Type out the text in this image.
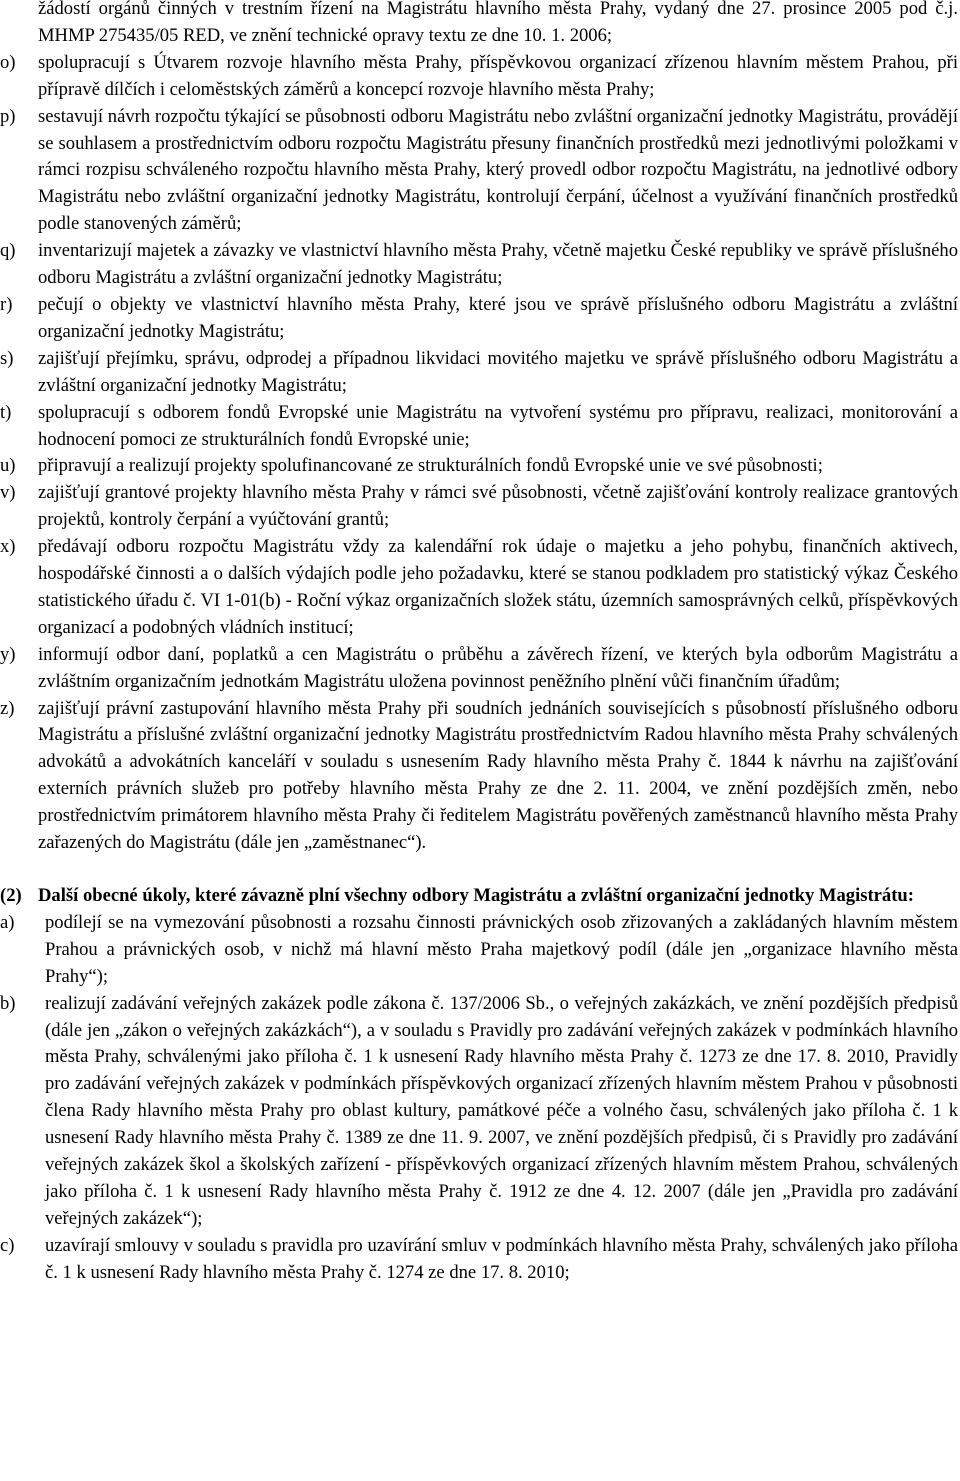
žádostí orgánů činných v trestním řízení na Magistrátu hlavního města Prahy, vydaný dne 27. prosince 2005 pod č.j. MHMP 275435/05 RED, ve znění technické opravy textu ze dne 10. 1. 2006;
o) spolupracují s Útvarem rozvoje hlavního města Prahy, příspěvkovou organizací zřízenou hlavním městem Prahou, při přípravě dílčích i celoměstských záměrů a koncepcí rozvoje hlavního města Prahy;
p) sestavují návrh rozpočtu týkající se působnosti odboru Magistrátu nebo zvláštní organizační jednotky Magistrátu, provádějí se souhlasem a prostřednictvím odboru rozpočtu Magistrátu přesuny finančních prostředků mezi jednotlivými položkami v rámci rozpisu schváleného rozpočtu hlavního města Prahy, který provedl odbor rozpočtu Magistrátu, na jednotlivé odbory Magistrátu nebo zvláštní organizační jednotky Magistrátu, kontrolují čerpání, účelnost a využívání finančních prostředků podle stanovených záměrů;
q) inventarizují majetek a závazky ve vlastnictví hlavního města Prahy, včetně majetku České republiky ve správě příslušného odboru Magistrátu a zvláštní organizační jednotky Magistrátu;
r) pečují o objekty ve vlastnictví hlavního města Prahy, které jsou ve správě příslušného odboru Magistrátu a zvláštní organizační jednotky Magistrátu;
s) zajišťují přejímku, správu, odprodej a případnou likvidaci movitého majetku ve správě příslušného odboru Magistrátu a zvláštní organizační jednotky Magistrátu;
t) spolupracují s odborem fondů Evropské unie Magistrátu na vytvoření systému pro přípravu, realizaci, monitorování a hodnocení pomoci ze strukturálních fondů Evropské unie;
u) připravují a realizují projekty spolufinancované ze strukturálních fondů Evropské unie ve své působnosti;
v) zajišťují grantové projekty hlavního města Prahy v rámci své působnosti, včetně zajišťování kontroly realizace grantových projektů, kontroly čerpání a vyúčtování grantů;
x) předávají odboru rozpočtu Magistrátu vždy za kalendářní rok údaje o majetku a jeho pohybu, finančních aktivech, hospodářské činnosti a o dalších výdajích podle jeho požadavku, které se stanou podkladem pro statistický výkaz Českého statistického úřadu č. VI 1-01(b) - Roční výkaz organizačních složek státu, územních samosprávných celků, příspěvkových organizací a podobných vládních institucí;
y) informují odbor daní, poplatků a cen Magistrátu o průběhu a závěrech řízení, ve kterých byla odborům Magistrátu a zvláštním organizačním jednotkám Magistrátu uložena povinnost peněžního plnění vůči finančním úřadům;
z) zajišťují právní zastupování hlavního města Prahy při soudních jednáních souvisejících s působností příslušného odboru Magistrátu a příslušné zvláštní organizační jednotky Magistrátu prostřednictvím Radou hlavního města Prahy schválených advokátů a advokátních kanceláří v souladu s usnesením Rady hlavního města Prahy č. 1844 k návrhu na zajišťování externích právních služeb pro potřeby hlavního města Prahy ze dne 2. 11. 2004, ve znění pozdějších změn, nebo prostřednictvím primátorem hlavního města Prahy či ředitelem Magistrátu pověřených zaměstnanců hlavního města Prahy zařazených do Magistrátu (dále jen „zaměstnanec“).
(2) Další obecné úkoly, které závazně plní všechny odbory Magistrátu a zvláštní organizační jednotky Magistrátu:
a) podílejí se na vymezování působnosti a rozsahu činnosti právnických osob zřizovaných a zakládaných hlavním městem Prahou a právnických osob, v nichž má hlavní město Praha majetkový podíl (dále jen „organizace hlavního města Prahy“);
b) realizují zadávání veřejných zakázek podle zákona č. 137/2006 Sb., o veřejných zakázkách, ve znění pozdějších předpisů (dále jen „zákon o veřejných zakázkách“), a v souladu s Pravidly pro zadávání veřejných zakázek v podmínkách hlavního města Prahy, schválenými jako příloha č. 1 k usnesení Rady hlavního města Prahy č. 1273 ze dne 17. 8. 2010, Pravidly pro zadávání veřejných zakázek v podmínkách příspěvkových organizací zřízených hlavním městem Prahou v působnosti člena Rady hlavního města Prahy pro oblast kultury, památkové péče a volného času, schválených jako příloha č. 1 k usnesení Rady hlavního města Prahy č. 1389 ze dne 11. 9. 2007, ve znění pozdějších předpisů, či s Pravidly pro zadávání veřejných zakázek škol a školských zařízení - příspěvkových organizací zřízených hlavním městem Prahou, schválených jako příloha č. 1 k usnesení Rady hlavního města Prahy č. 1912 ze dne 4. 12. 2007 (dále jen „Pravidla pro zadávání veřejných zakázek“);
c) uzavírají smlouvy v souladu s pravidla pro uzavírání smluv v podmínkách hlavního města Prahy, schválených jako příloha č. 1 k usnesení Rady hlavního města Prahy č. 1274 ze dne 17. 8. 2010;
